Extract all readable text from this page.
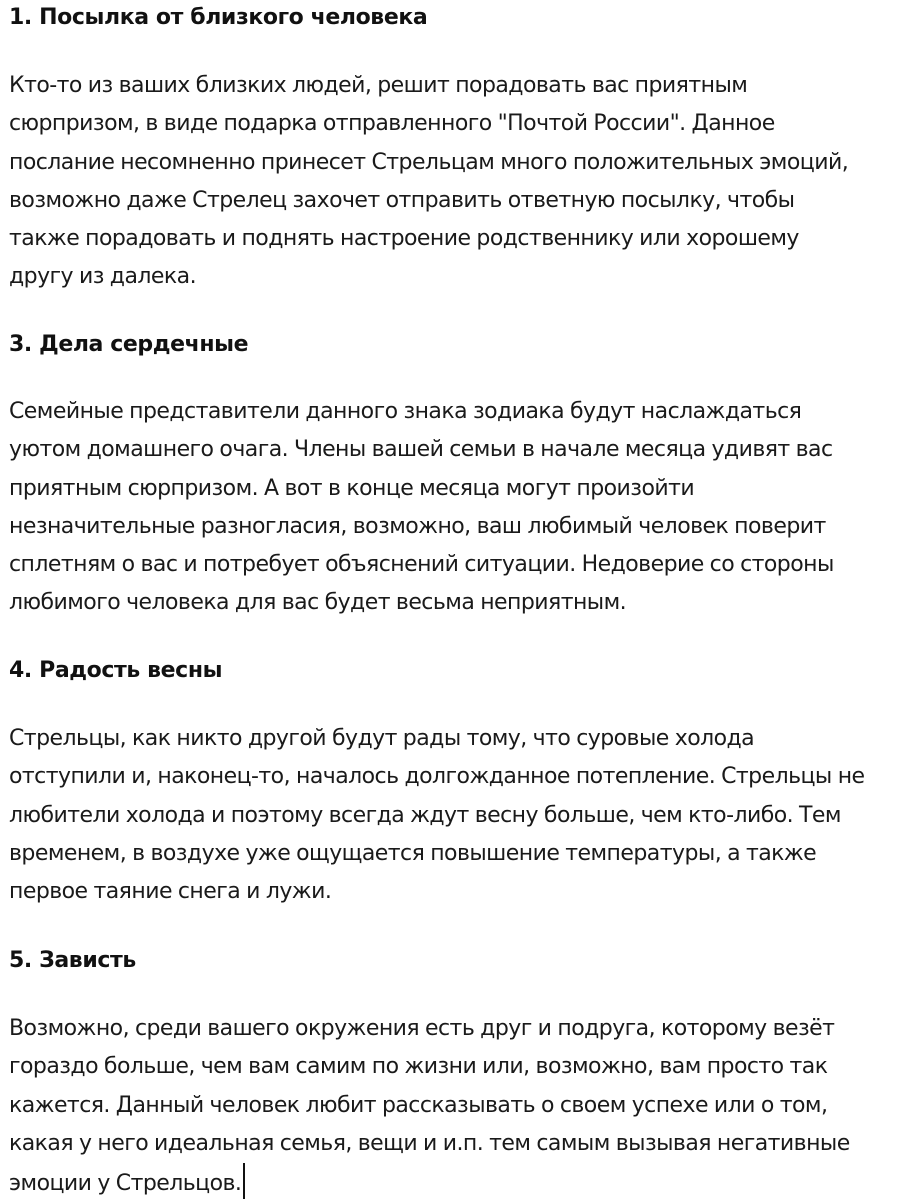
1. Посылка от близкого человека

Кто-то из ваших близких людей, решит порадовать вас приятным
сюрпризом, в виде подарка отправленного "Почтой России". Данное
послание несомненно принесет Стрельцам много положительных эмоций,
возможно даже Стрелец захочет отправить ответную посылку, чтобы
также порадовать и поднять настроение родственнику или хорошему
другу из далека.

3. Дела сердечные

Семейные представители данного знака зодиака будут наслаждаться
уютом домашнего очага. Члены вашей семьи в начале месяца удивят вас
приятным сюрпризом. А вот в конце месяца могут произойти
незначительные разногласия, возможно, ваш любимый человек поверит
сплетням о вас и потребует объяснений ситуации. Недоверие со стороны
любимого человека для вас будет весьма неприятным.

4. Радость весны

Стрельцы, как никто другой будут рады тому, что суровые холода
отступили и, наконец-то, началось долгожданное потепление. Стрельцы не
любители холода и поэтому всегда ждут весну больше, чем кто-либо. Тем
временем, в воздухе уже ощущается повышение температуры, а также
первое таяние снега и лужи.

5. Зависть

Возможно, среди вашего окружения есть друг и подруга, которому везёт
гораздо больше, чем вам самим по жизни или, возможно, вам просто так
кажется. Данный человек любит рассказывать о своем успехе или о том,
какая у него идеальная семья, вещи и и.п. тем самым вызывая негативные
эмоции у Стрельцов.
